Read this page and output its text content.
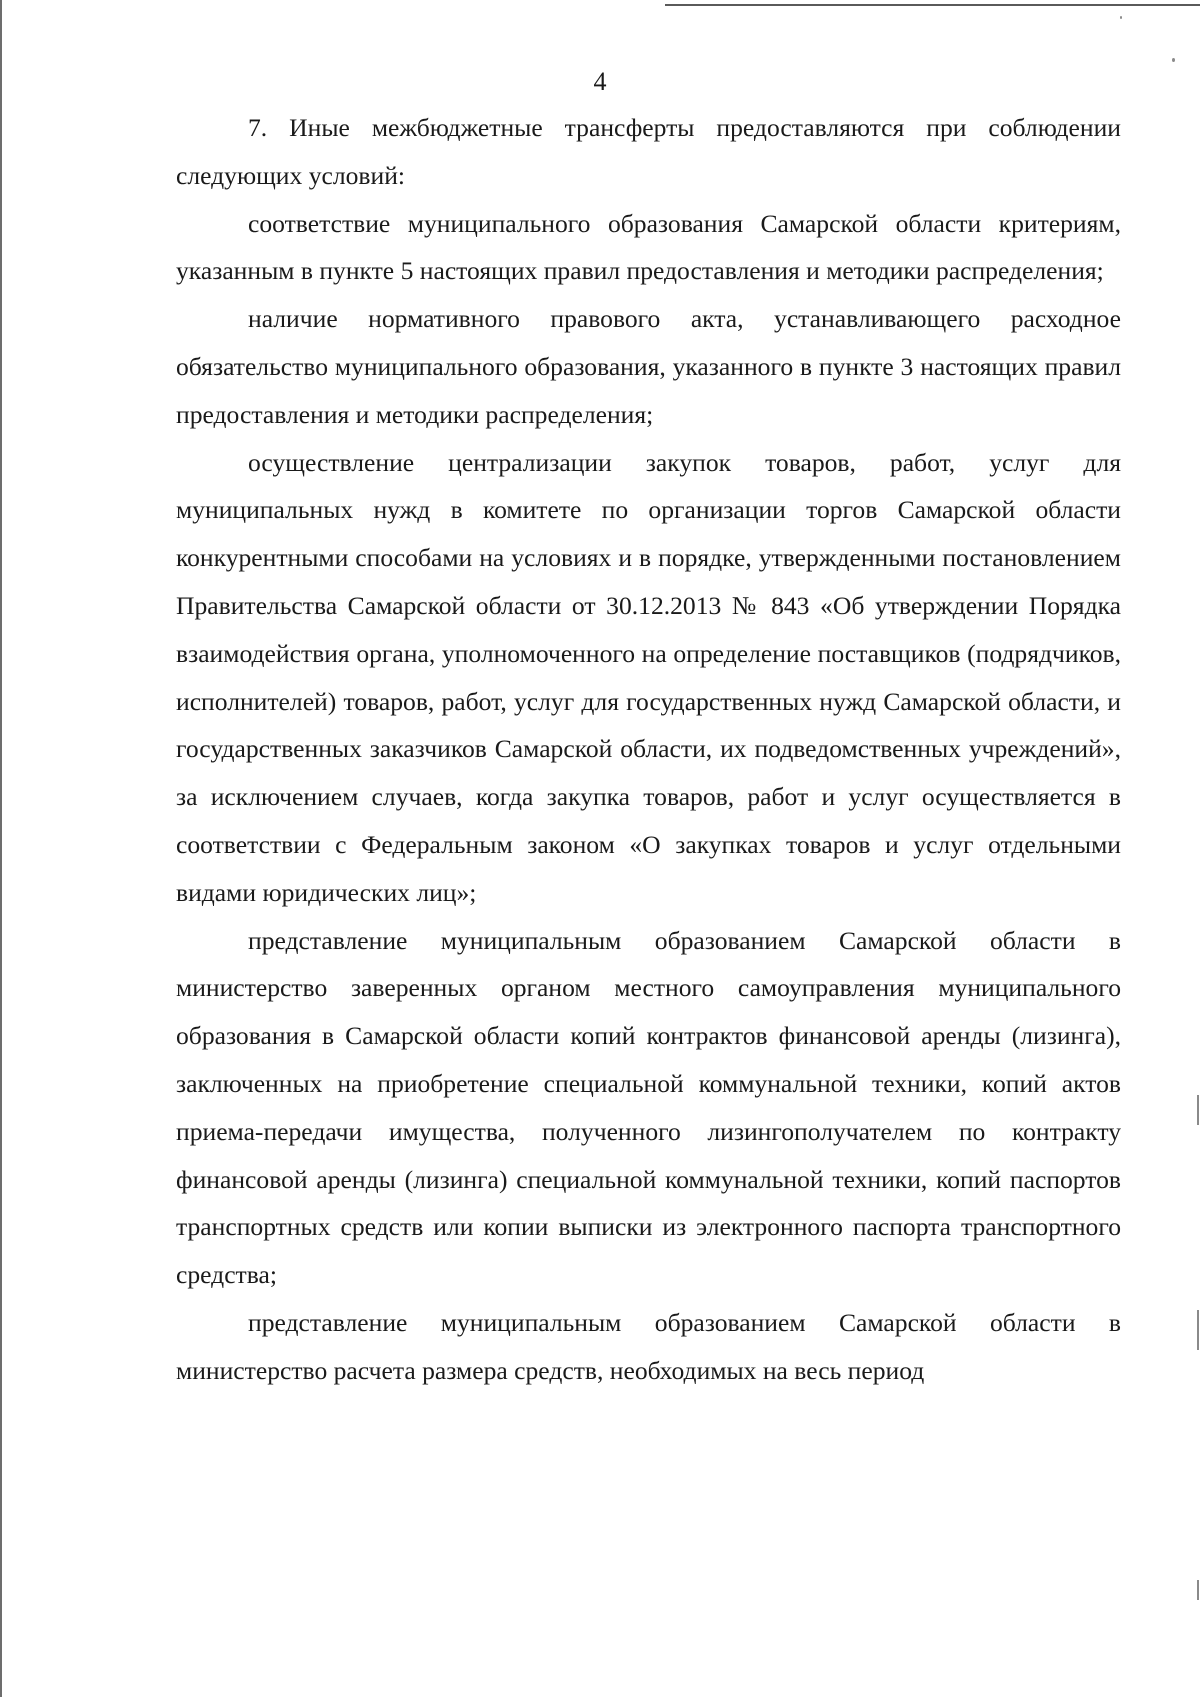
4

7. Иные межбюджетные трансферты предоставляются при соблюдении следующих условий:

соответствие муниципального образования Самарской области критериям, указанным в пункте 5 настоящих правил предоставления и методики распределения;

наличие нормативного правового акта, устанавливающего расходное обязательство муниципального образования, указанного в пункте 3 настоящих правил предоставления и методики распределения;

осуществление централизации закупок товаров, работ, услуг для муниципальных нужд в комитете по организации торгов Самарской области конкурентными способами на условиях и в порядке, утвержденными постановлением Правительства Самарской области от 30.12.2013 № 843 «Об утверждении Порядка взаимодействия органа, уполномоченного на определение поставщиков (подрядчиков, исполнителей) товаров, работ, услуг для государственных нужд Самарской области, и государственных заказчиков Самарской области, их подведомственных учреждений», за исключением случаев, когда закупка товаров, работ и услуг осуществляется в соответствии с Федеральным законом «О закупках товаров и услуг отдельными видами юридических лиц»;

представление муниципальным образованием Самарской области в министерство заверенных органом местного самоуправления муниципального образования в Самарской области копий контрактов финансовой аренды (лизинга), заключенных на приобретение специальной коммунальной техники, копий актов приема-передачи имущества, полученного лизингополучателем по контракту финансовой аренды (лизинга) специальной коммунальной техники, копий паспортов транспортных средств или копии выписки из электронного паспорта транспортного средства;

представление муниципальным образованием Самарской области в министерство расчета размера средств, необходимых на весь период
